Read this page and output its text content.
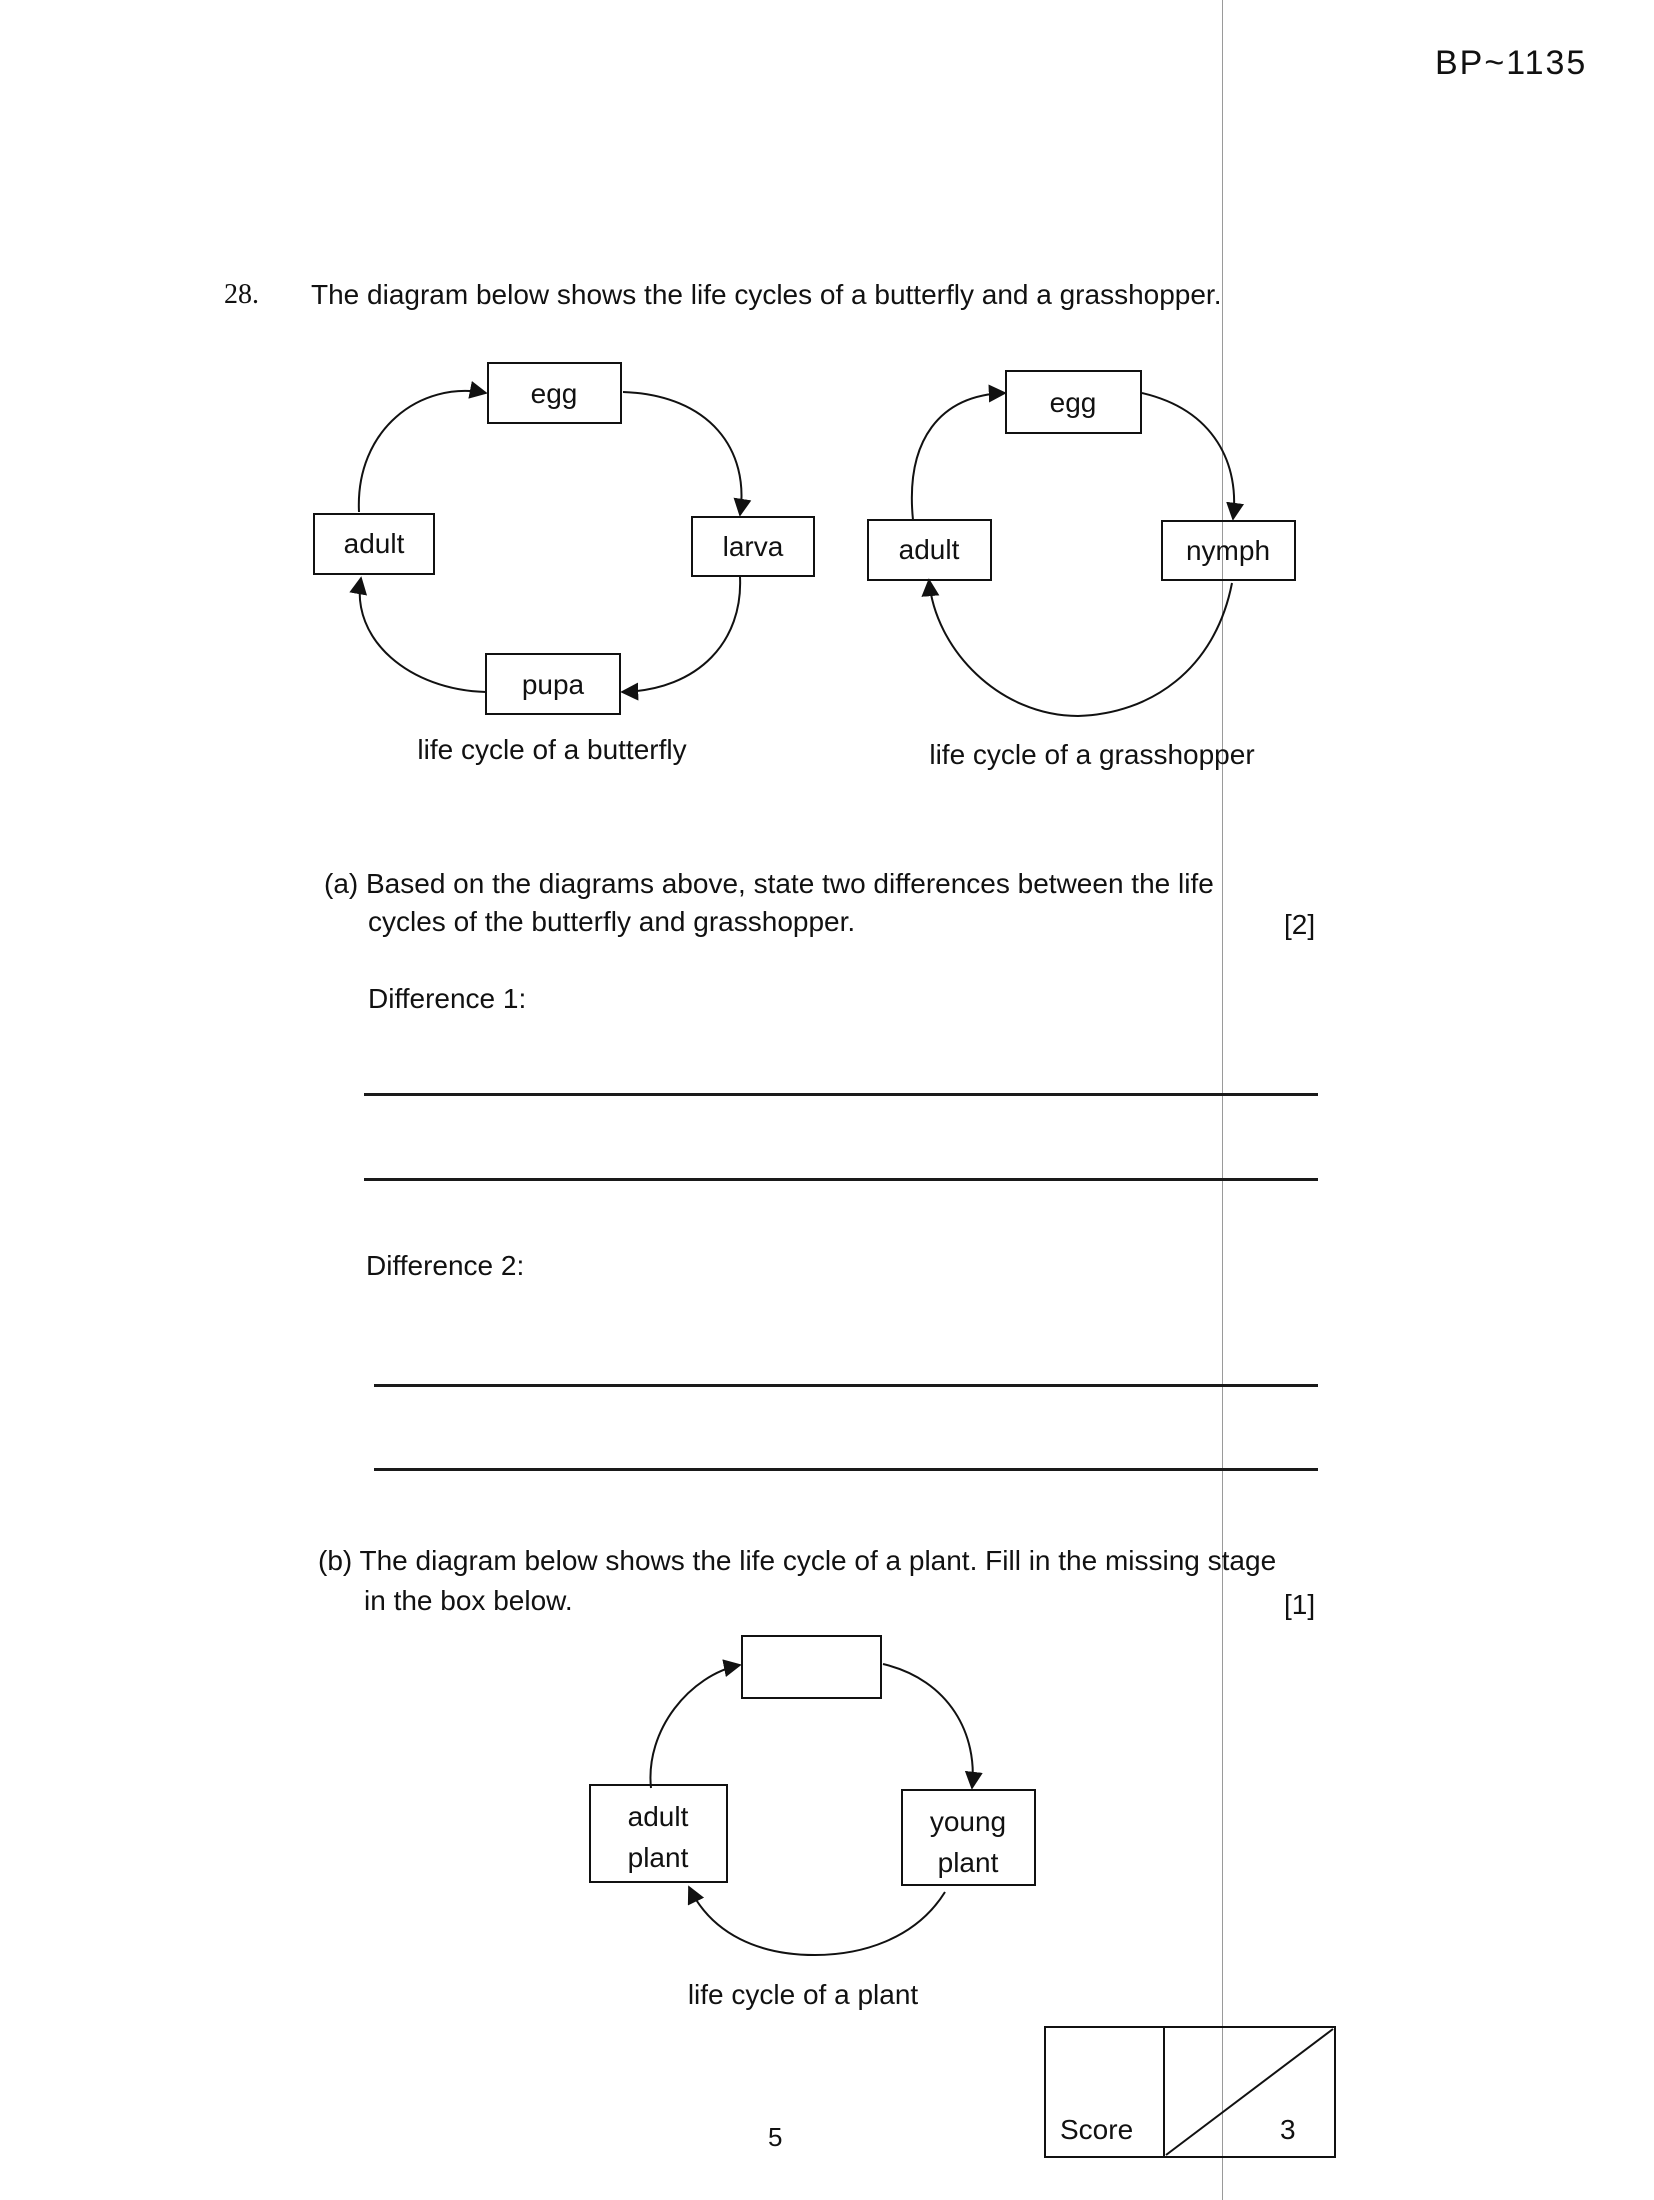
BP~1135
28. The diagram below shows the life cycles of a butterfly and a grasshopper.
egg
larva
pupa
adult
life cycle of a butterfly
egg
nymph
adult
life cycle of a grasshopper
young
plant
adult
plant
life cycle of a plant
(a) Based on the diagrams above, state two differences between the life
cycles of the butterfly and grasshopper.	[2]
Difference 1:
Difference 2:
(b) The diagram below shows the life cycle of a plant. Fill in the missing stage
in the box below.	[1]
5	Score	3
